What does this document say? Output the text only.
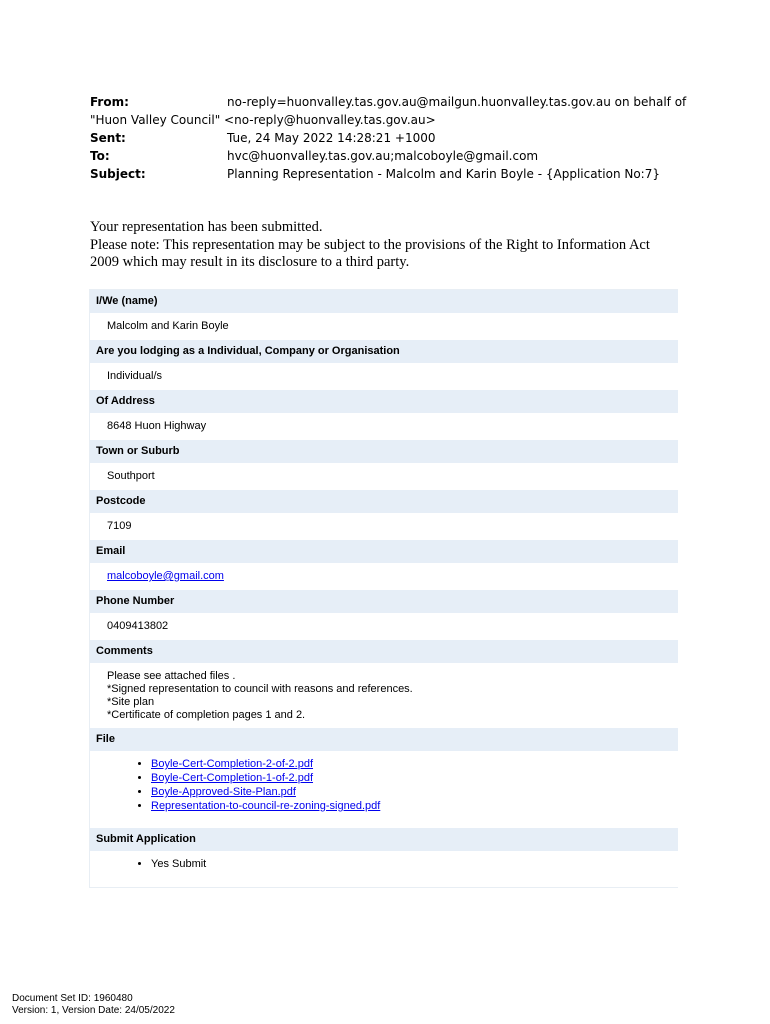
From:	no-reply=huonvalley.tas.gov.au@mailgun.huonvalley.tas.gov.au on behalf of
"Huon Valley Council" <no-reply@huonvalley.tas.gov.au>
Sent:	Tue, 24 May 2022 14:28:21 +1000
To:	hvc@huonvalley.tas.gov.au;malcoboyle@gmail.com
Subject:	Planning Representation - Malcolm and Karin Boyle - {Application No:7}
Your representation has been submitted.
Please note: This representation may be subject to the provisions of the Right to Information Act
2009 which may result in its disclosure to a third party.
I/We (name)
Malcolm and Karin Boyle
Are you lodging as a Individual, Company or Organisation
Individual/s
Of Address
8648 Huon Highway
Town or Suburb
Southport
Postcode
7109
Email
malcoboyle@gmail.com
Phone Number
0409413802
Comments
Please see attached files .
*Signed representation to council with reasons and references.
*Site plan
*Certificate of completion pages 1 and 2.
File
• Boyle-Cert-Completion-2-of-2.pdf
• Boyle-Cert-Completion-1-of-2.pdf
• Boyle-Approved-Site-Plan.pdf
• Representation-to-council-re-zoning-signed.pdf
Submit Application
• Yes Submit
Document Set ID: 1960480
Version: 1, Version Date: 24/05/2022
